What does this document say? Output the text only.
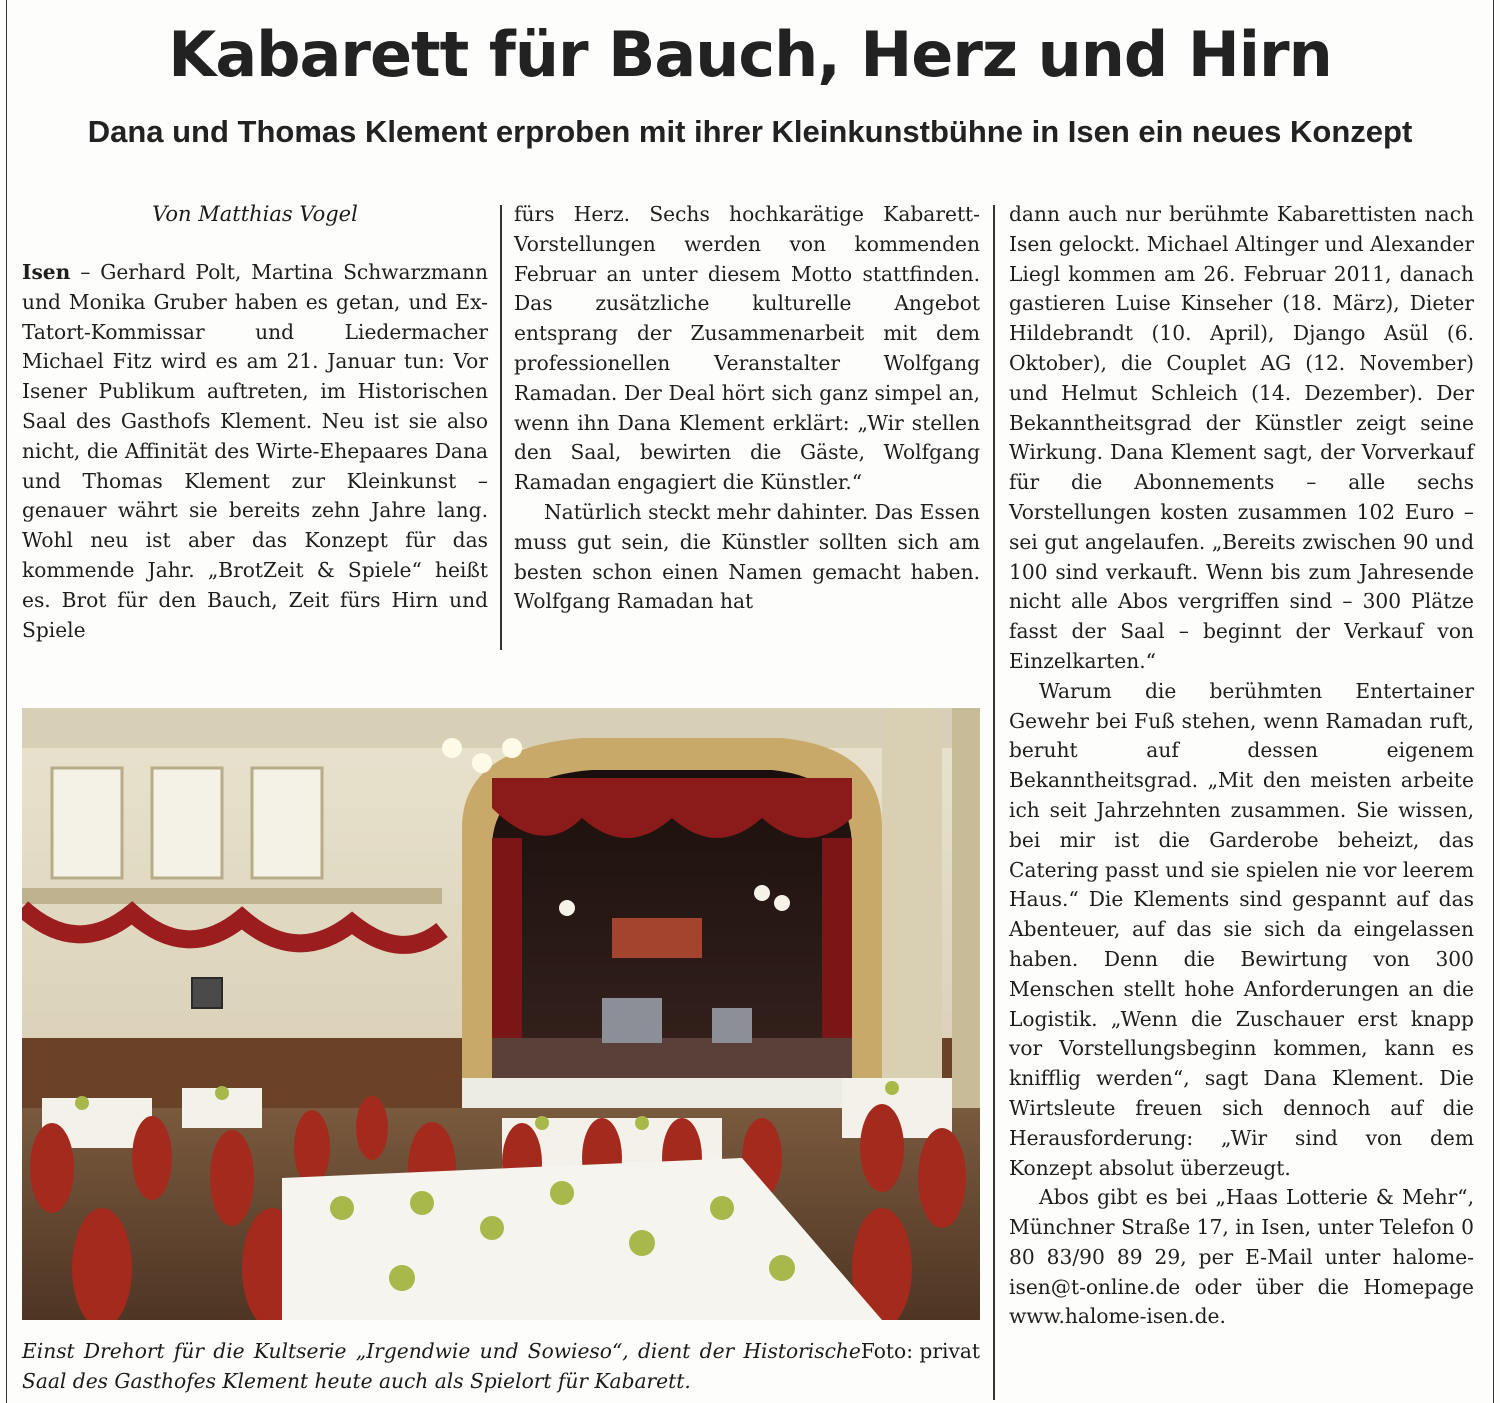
Kabarett für Bauch, Herz und Hirn
Dana und Thomas Klement erproben mit ihrer Kleinkunstbühne in Isen ein neues Konzept
Von Matthias Vogel

Isen – Gerhard Polt, Martina Schwarzmann und Monika Gruber haben es getan, und Ex-Tatort-Kommissar und Liedermacher Michael Fitz wird es am 21. Januar tun: Vor Isener Publikum auftreten, im Historischen Saal des Gasthofs Klement. Neu ist sie also nicht, die Affinität des Wirte-Ehepaares Dana und Thomas Klement zur Kleinkunst – genauer währt sie bereits zehn Jahre lang. Wohl neu ist aber das Konzept für das kommende Jahr. „BrotZeit & Spiele“ heißt es. Brot für den Bauch, Zeit fürs Hirn und Spiele

fürs Herz. Sechs hochkarätige Kabarett-Vorstellungen werden von kommenden Februar an unter diesem Motto stattfinden. Das zusätzliche kulturelle Angebot entsprang der Zusammenarbeit mit dem professionellen Veranstalter Wolfgang Ramadan. Der Deal hört sich ganz simpel an, wenn ihn Dana Klement erklärt: „Wir stellen den Saal, bewirten die Gäste, Wolfgang Ramadan engagiert die Künstler.“

Natürlich steckt mehr dahinter. Das Essen muss gut sein, die Künstler sollten sich am besten schon einen Namen gemacht haben. Wolfgang Ramadan hat

dann auch nur berühmte Kabarettisten nach Isen gelockt. Michael Altinger und Alexander Liegl kommen am 26. Februar 2011, danach gastieren Luise Kinseher (18. März), Dieter Hildebrandt (10. April), Django Asül (6. Oktober), die Couplet AG (12. November) und Helmut Schleich (14. Dezember). Der Bekanntheitsgrad der Künstler zeigt seine Wirkung. Dana Klement sagt, der Vorverkauf für die Abonnements – alle sechs Vorstellungen kosten zusammen 102 Euro – sei gut angelaufen. „Bereits zwischen 90 und 100 sind verkauft. Wenn bis zum Jahresende nicht alle Abos vergriffen sind – 300 Plätze fasst der Saal – beginnt der Verkauf von Einzelkarten.“

Warum die berühmten Entertainer Gewehr bei Fuß stehen, wenn Ramadan ruft, beruht auf dessen eigenem Bekanntheitsgrad. „Mit den meisten arbeite ich seit Jahrzehnten zusammen. Sie wissen, bei mir ist die Garderobe beheizt, das Catering passt und sie spielen nie vor leerem Haus.“ Die Klements sind gespannt auf das Abenteuer, auf das sie sich da eingelassen haben. Denn die Bewirtung von 300 Menschen stellt hohe Anforderungen an die Logistik. „Wenn die Zuschauer erst knapp vor Vorstellungsbeginn kommen, kann es knifflig werden“, sagt Dana Klement. Die Wirtsleute freuen sich dennoch auf die Herausforderung: „Wir sind von dem Konzept absolut überzeugt.

Abos gibt es bei „Haas Lotterie & Mehr“, Münchner Straße 17, in Isen, unter Telefon 0 80 83/90 89 29, per E-Mail unter halome-isen@t-online.de oder über die Homepage www.halome-isen.de.

Foto: privat
Einst Drehort für die Kultserie „Irgendwie und Sowieso“, dient der Historische Saal des Gasthofes Klement heute auch als Spielort für Kabarett.
